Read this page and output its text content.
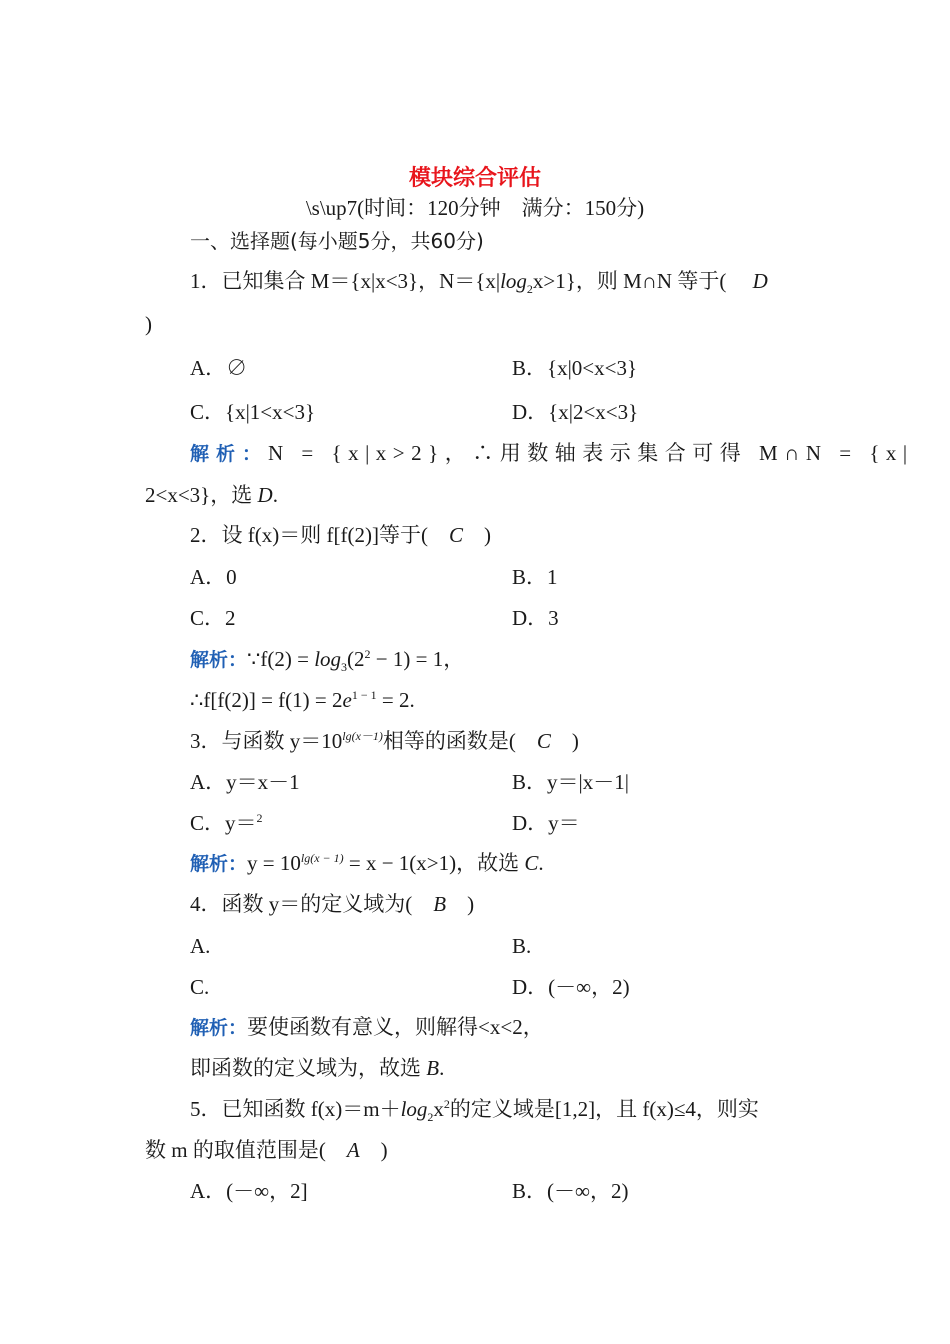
模块综合评估
\s\up7(时间：120分钟　满分：150分)
一、选择题(每小题5分，共60分)
1．已知集合 M＝{x|x<3}，$N=\{x|\log_2x>1\}$，则 M∩N 等于(　 D
)
A．∅	B．{x|0<x<3}
C．{x|1<x<3}	D．{x|2<x<3}
解析：N = {x|x>2}，∴用数轴表示集合可得 M∩N = {x|
2<x<3}，选 D.
2．设 f(x)＝则 f[f(2)]等于(　 C　 )
A．0	B．1
C．2	D．3
解析：∵f(2) = $\log_3(2^2 - 1) = 1$，
∴f[f(2)] = $f(1) = 2e^{1 - 1} = 2$.
3．与函数 $y=10^{lg(x-1)}$相等的函数是(　 C　 )
A．y＝x－1	B．y＝|x－1|
C．y＝$^2$	D．y＝
解析：$y = 10^{lg(x - 1)} = x - 1(x>1)$，故选 C.
4．函数 y＝的定义域为(　 B　 )
A.	B.
C.	D．(－∞，2)
解析：要使函数有意义，则解得<x<2，
即函数的定义域为，故选 B.
5．已知函数 $f(x)=m+\log_2x^2$的定义域是[1,2]，且 f(x)≤4，则实
数 m 的取值范围是(　 A　 )
A．(－∞，2]	B．(－∞，2)
